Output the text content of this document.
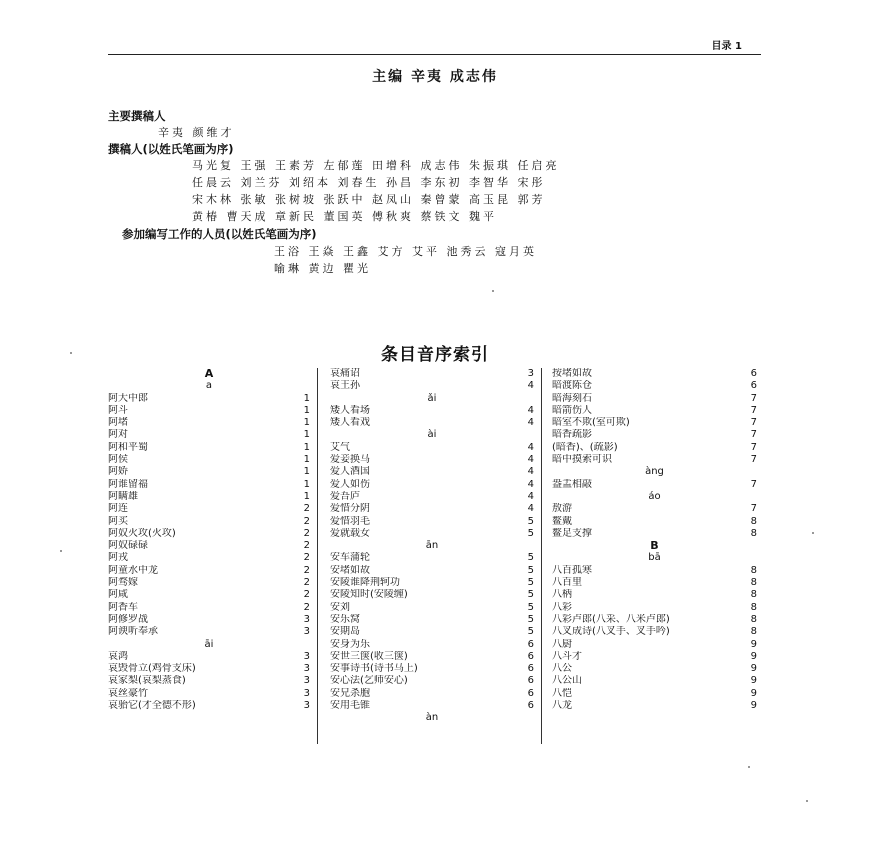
目录 1
主编 辛夷 成志伟
主要撰稿人
辛夷 颜维才
撰稿人(以姓氏笔画为序)
马光复 王强 王素芳 左郁莲 田增科 成志伟 朱振琪 任启亮
任晨云 刘兰芬 刘绍本 刘春生 孙昌 李东初 李智华 宋彤
宋木林 张敏 张树坡 张跃中 赵凤山 秦曾蒙 高玉昆 郭芳
黄椿 曹天成 章新民 董国英 傅秋爽 蔡铁文 魏平
参加编写工作的人员(以姓氏笔画为序)
王浴 王焱 王鑫 艾方 艾平 池秀云 寇月英
喻琳 黄边 瞿光
条目音序索引
A
a
阿大中郎	1
阿斗	1
阿堵	1
阿对	1
阿和平蜀	1
阿侯	1
阿娇	1
阿谁留福	1
阿瞒雄	1
阿连	2
阿买	2
阿奴火攻(火攻)	2
阿奴碌碌	2
阿戎	2
阿童水中龙	2
阿骛嫁	2
阿咸	2
阿香车	2
阿修罗战	3
阿谀听奉承	3
āi
哀鸿	3
哀毁骨立(鸡骨支床)	3
哀家梨(哀梨蒸食)	3
哀丝豪竹	3
哀骀它(才全德不形)	3
哀痛诏	3
哀王孙	4
ǎi
矮人看场	4
矮人看戏	4
ài
艾气	4
爱妾换马	4
爱人酒国	4
爱人如伤	4
爱吾庐	4
爱惜分阴	4
爱惜羽毛	5
爱就载女	5
ān
安车蒲轮	5
安堵如故	5
安陵谁降荆轲功	5
安陵知时(安陵缠)	5
安刘	5
安乐窝	5
安期岛	5
安身为乐	6
安世三箧(收三箧)	6
安事诗书(诗书马上)	6
安心法(乞师安心)	6
安兄杀胞	6
安用毛锥	6
àn
按堵如故	6
暗渡陈仓	6
暗海刻石	7
暗箭伤人	7
暗室不欺(室可欺)	7
暗香疏影	7
(暗香)、(疏影)	7
暗中摸索可识	7
àng
盎盂相敲	7
áo
敖游	7
鳌戴	8
鳌足支撑	8
B
bā
八百孤寒	8
八百里	8
八柄	8
八彩	8
八彩卢郎(八采、八米卢郎)	8
八叉成诗(八叉手、叉手吟)	8
八厨	9
八斗才	9
八公	9
八公山	9
八恺	9
八龙	9
